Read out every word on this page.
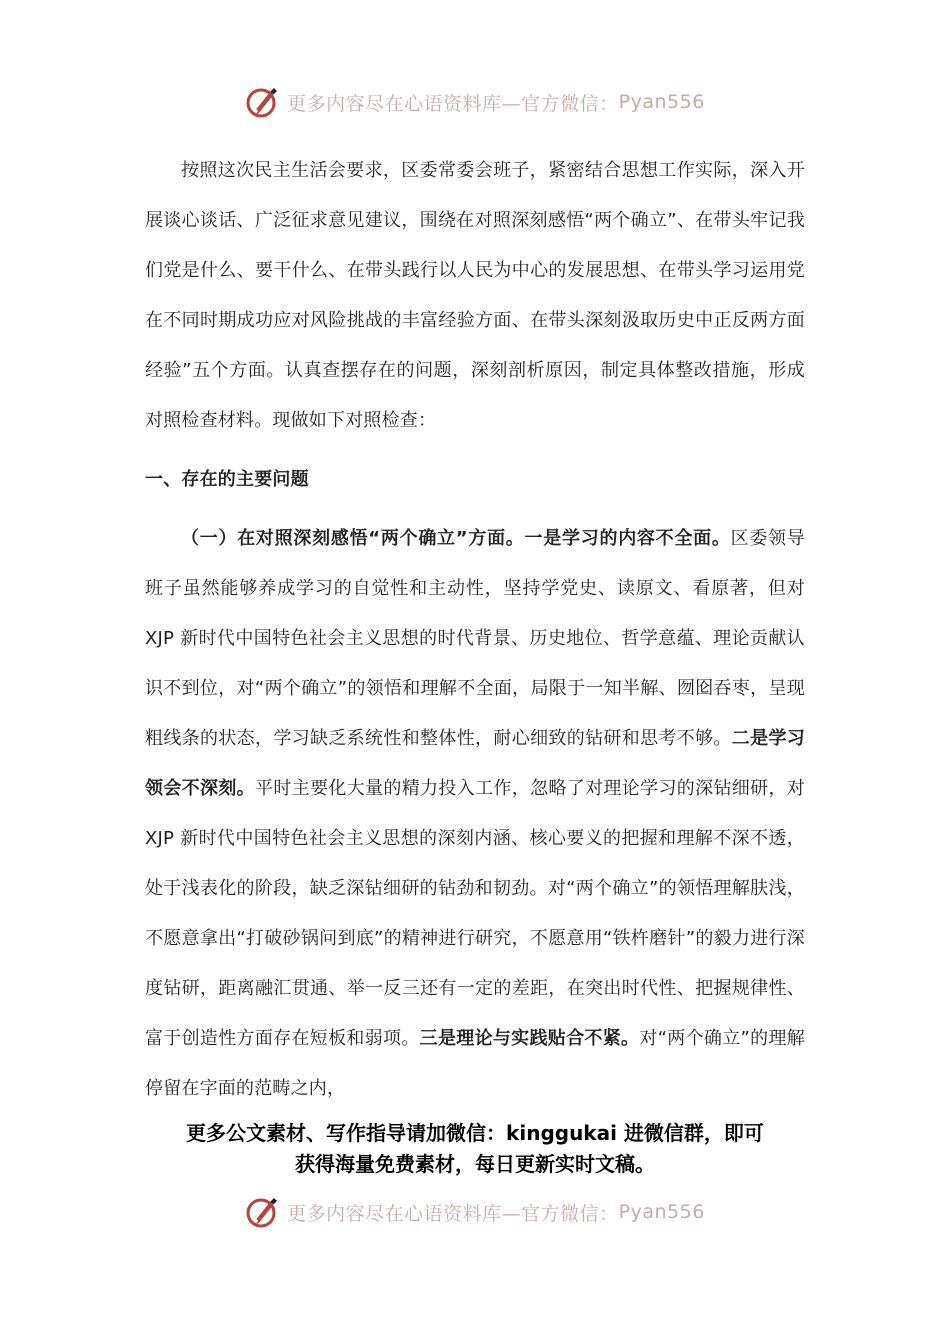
更多内容尽在心语资料库—官方微信： Pyan556

按照这次民主生活会要求，区委常委会班子，紧密结合思想工作实际，深入开展谈心谈话、广泛征求意见建议，围绕在对照深刻感悟“两个确立”、在带头牢记我们党是什么、要干什么、在带头践行以人民为中心的发展思想、在带头学习运用党在不同时期成功应对风险挑战的丰富经验方面、在带头深刻汲取历史中正反两方面经验”五个方面。认真查摆存在的问题，深刻剖析原因，制定具体整改措施，形成对照检查材料。现做如下对照检查：

一、存在的主要问题

（一）在对照深刻感悟“两个确立”方面。一是学习的内容不全面。区委领导班子虽然能够养成学习的自觉性和主动性，坚持学党史、读原文、看原著，但对 XJP 新时代中国特色社会主义思想的时代背景、历史地位、哲学意蕴、理论贡献认识不到位，对“两个确立”的领悟和理解不全面，局限于一知半解、囫囵吞枣，呈现粗线条的状态，学习缺乏系统性和整体性，耐心细致的钻研和思考不够。二是学习领会不深刻。平时主要化大量的精力投入工作，忽略了对理论学习的深钻细研，对 XJP 新时代中国特色社会主义思想的深刻内涵、核心要义的把握和理解不深不透，处于浅表化的阶段，缺乏深钻细研的钻劲和韧劲。对“两个确立”的领悟理解肤浅，不愿意拿出“打破砂锅问到底”的精神进行研究，不愿意用“铁杵磨针”的毅力进行深度钻研，距离融汇贯通、举一反三还有一定的差距，在突出时代性、把握规律性、富于创造性方面存在短板和弱项。三是理论与实践贴合不紧。对“两个确立”的理解停留在字面的范畴之内，

更多公文素材、写作指导请加微信：kinggukai 进微信群，即可
获得海量免费素材，每日更新实时文稿。
更多内容尽在心语资料库—官方微信： Pyan556
